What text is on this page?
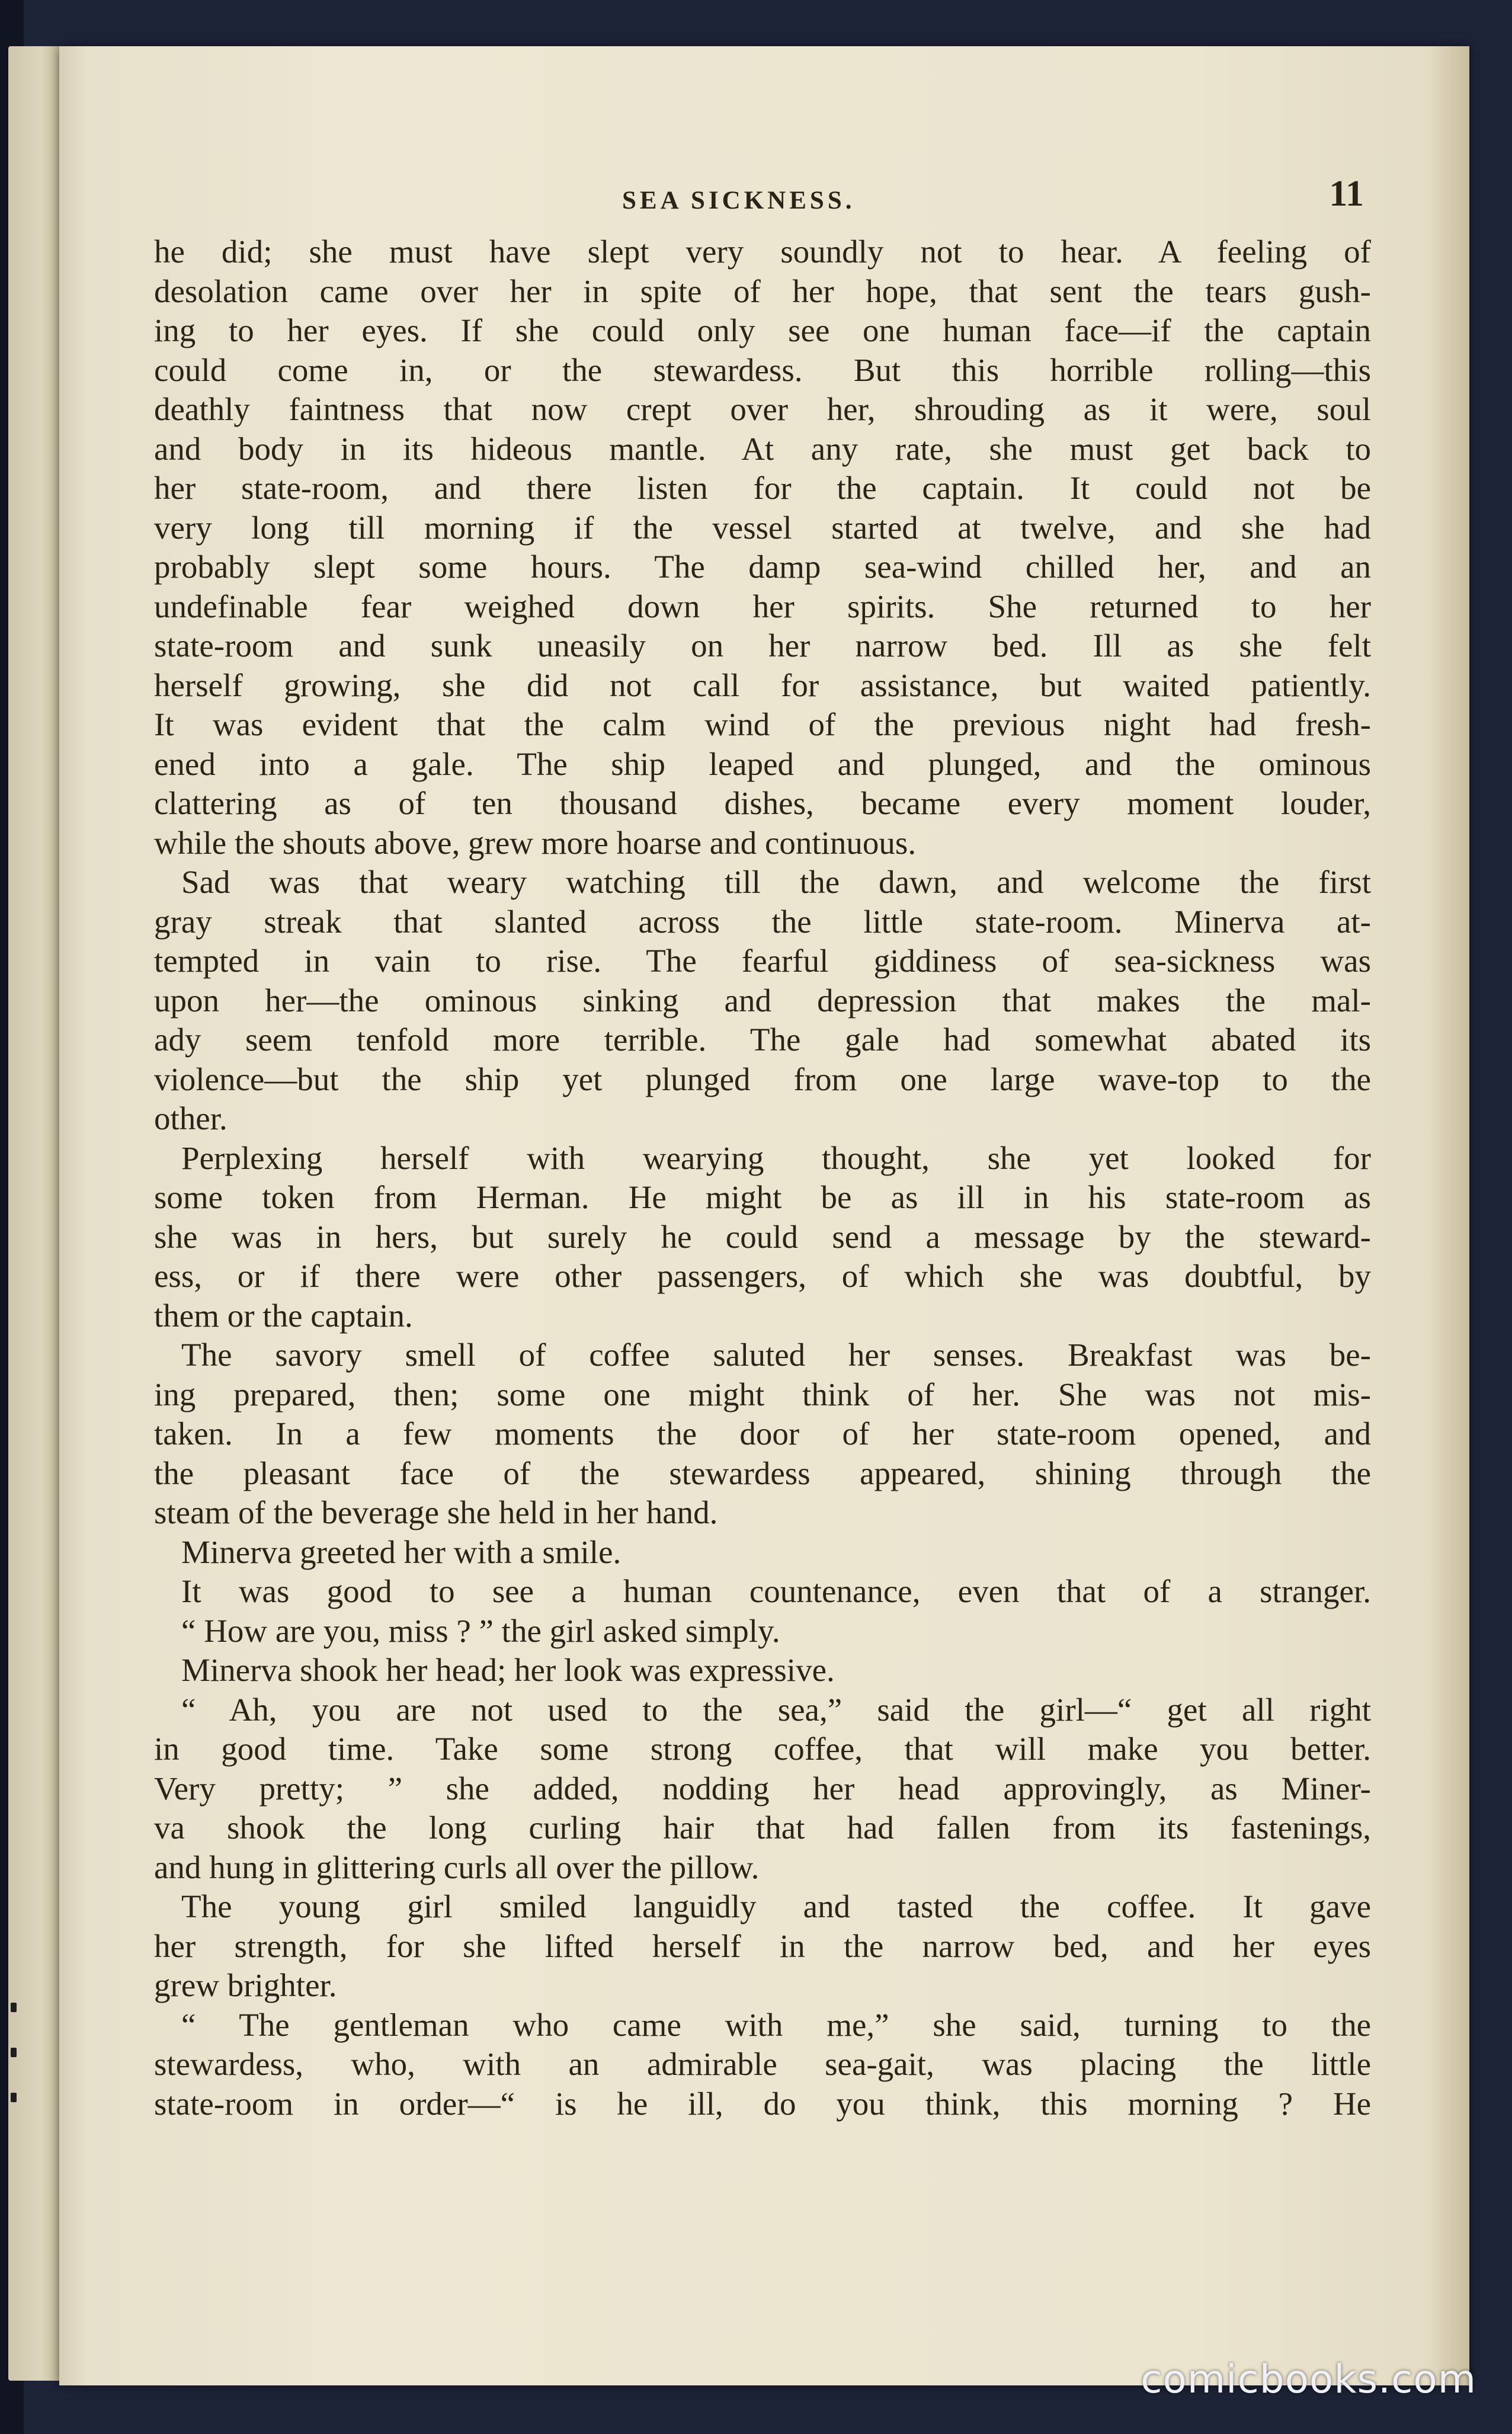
SEA SICKNESS.	11
he did; she must have slept very soundly not to hear. A feeling of
desolation came over her in spite of her hope, that sent the tears gush-
ing to her eyes. If she could only see one human face—if the captain
could come in, or the stewardess. But this horrible rolling—this
deathly faintness that now crept over her, shrouding as it were, soul
and body in its hideous mantle. At any rate, she must get back to
her state-room, and there listen for the captain. It could not be
very long till morning if the vessel started at twelve, and she had
probably slept some hours. The damp sea-wind chilled her, and an
undefinable fear weighed down her spirits. She returned to her
state-room and sunk uneasily on her narrow bed. Ill as she felt
herself growing, she did not call for assistance, but waited patiently.
It was evident that the calm wind of the previous night had fresh-
ened into a gale. The ship leaped and plunged, and the ominous
clattering as of ten thousand dishes, became every moment louder,
while the shouts above, grew more hoarse and continuous.
Sad was that weary watching till the dawn, and welcome the first
gray streak that slanted across the little state-room. Minerva at-
tempted in vain to rise. The fearful giddiness of sea-sickness was
upon her—the ominous sinking and depression that makes the mal-
ady seem tenfold more terrible. The gale had somewhat abated its
violence—but the ship yet plunged from one large wave-top to the
other.
Perplexing herself with wearying thought, she yet looked for
some token from Herman. He might be as ill in his state-room as
she was in hers, but surely he could send a message by the steward-
ess, or if there were other passengers, of which she was doubtful, by
them or the captain.
The savory smell of coffee saluted her senses. Breakfast was be-
ing prepared, then; some one might think of her. She was not mis-
taken. In a few moments the door of her state-room opened, and
the pleasant face of the stewardess appeared, shining through the
steam of the beverage she held in her hand.
Minerva greeted her with a smile.
It was good to see a human countenance, even that of a stranger.
“ How are you, miss ? ” the girl asked simply.
Minerva shook her head; her look was expressive.
“ Ah, you are not used to the sea,” said the girl—“ get all right
in good time. Take some strong coffee, that will make you better.
Very pretty; ” she added, nodding her head approvingly, as Miner-
va shook the long curling hair that had fallen from its fastenings,
and hung in glittering curls all over the pillow.
The young girl smiled languidly and tasted the coffee. It gave
her strength, for she lifted herself in the narrow bed, and her eyes
grew brighter.
“ The gentleman who came with me,” she said, turning to the
stewardess, who, with an admirable sea-gait, was placing the little
state-room in order—“ is he ill, do you think, this morning ? He
comicbooks.com
